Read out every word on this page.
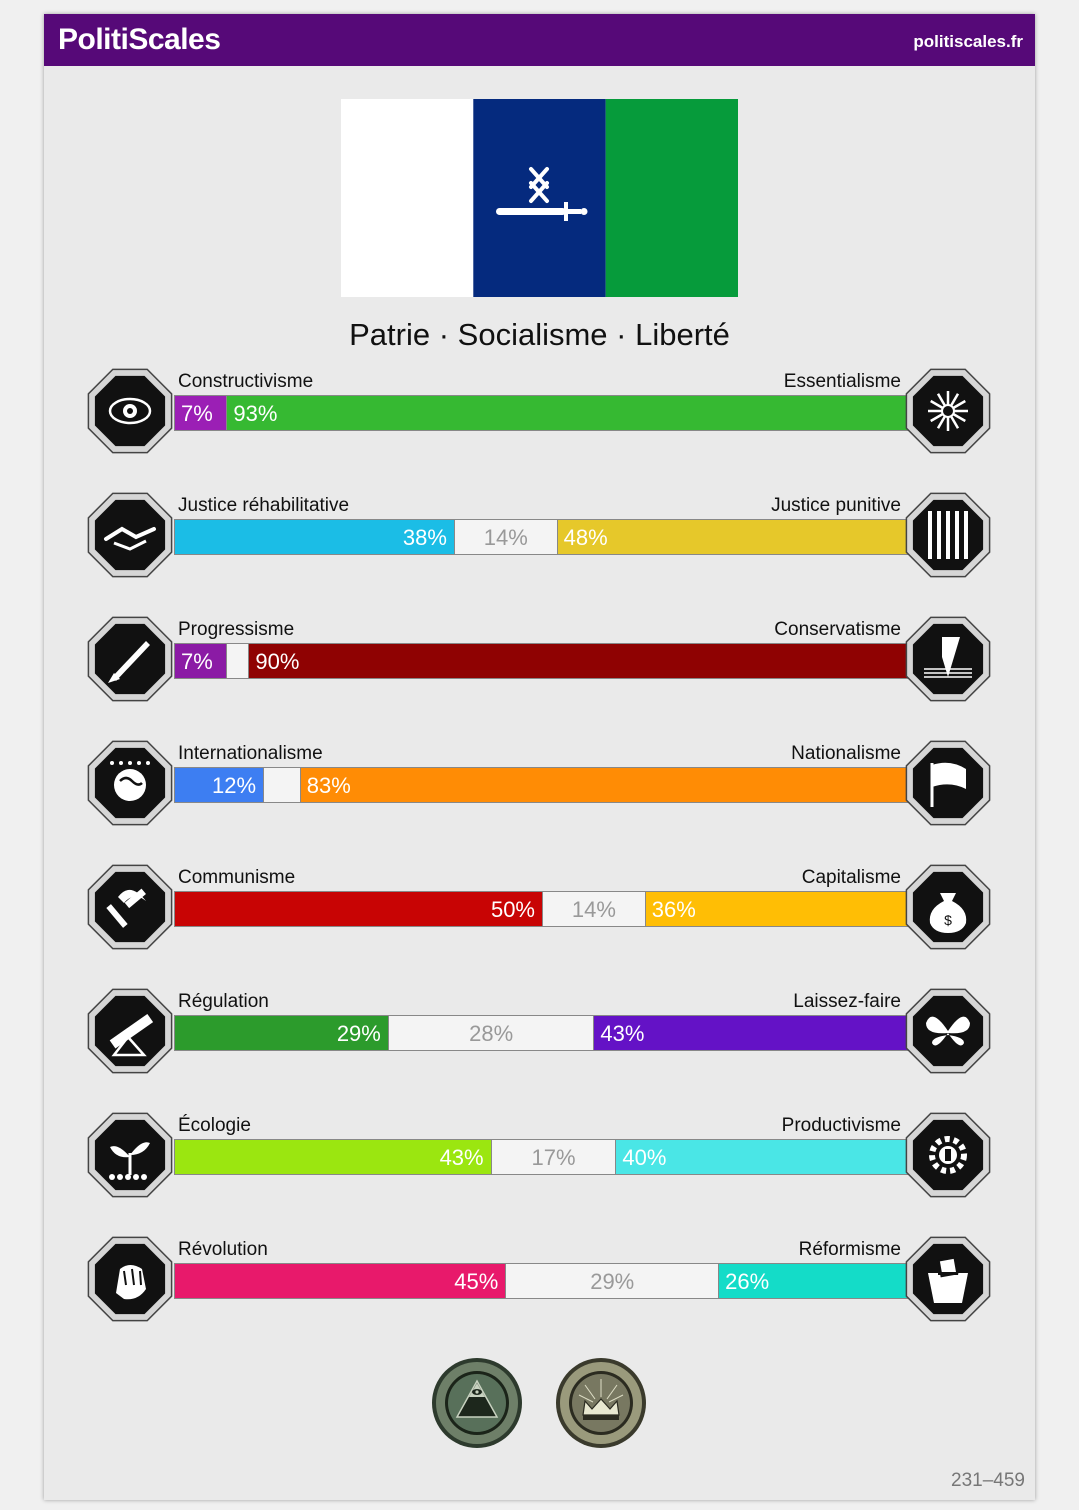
PolitiScales	politiscales.fr
Patrie · Socialisme · Liberté
Constructivisme	Essentialisme
7% 93%
Justice réhabilitative	Justice punitive
38%	14%	48%
Progressisme	Conservatisme
7%	90%
Internationalisme	Nationalisme
12%	83%
Communisme	Capitalisme
50%	14%	36%	$
Régulation	Laissez-faire
29%	28%	43%
Écologie	Productivisme
43%	17%	40%
Révolution	Réformisme
45%	29%	26%
231–459
